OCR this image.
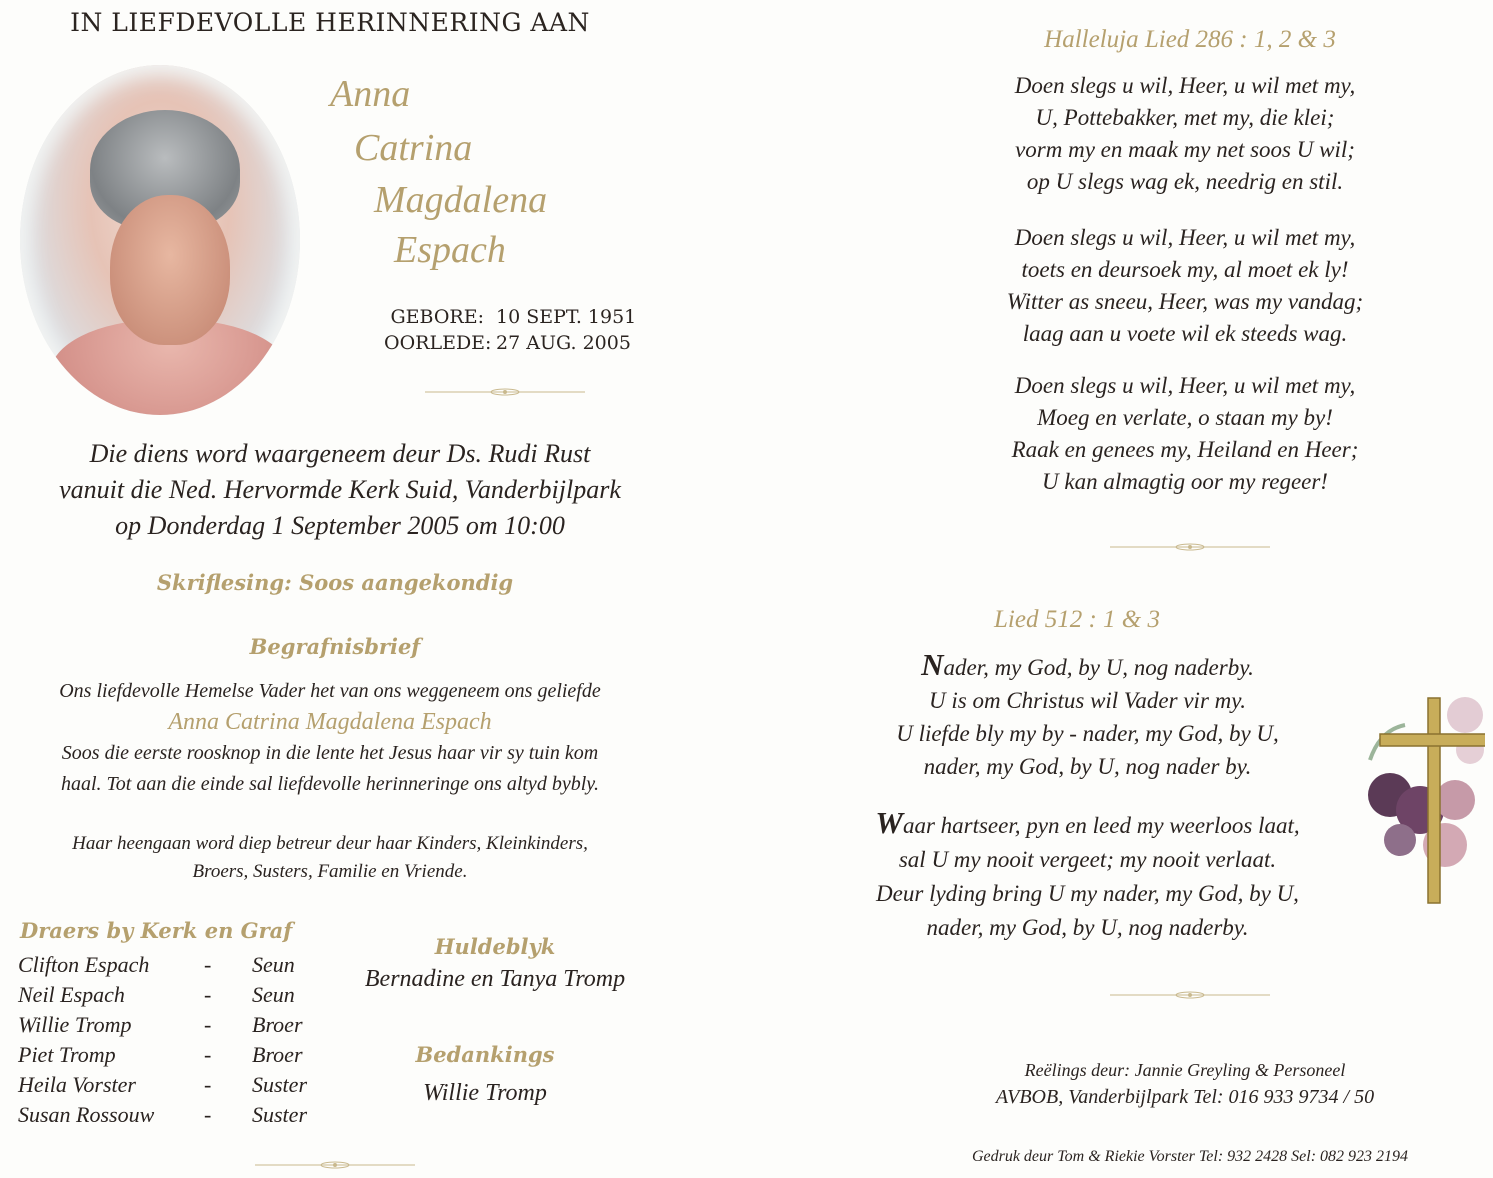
IN LIEFDEVOLLE HERINNERING AAN
Anna
Catrina
Magdalena
Espach
GEBORE: 10 SEPT. 1951
OORLEDE: 27 AUG. 2005
Die diens word waargeneem deur Ds. Rudi Rust
vanuit die Ned. Hervormde Kerk Suid, Vanderbijlpark
op Donderdag 1 September 2005 om 10:00
Skriflesing: Soos aangekondig
Begrafnisbrief
Ons liefdevolle Hemelse Vader het van ons weggeneem ons geliefde
Anna Catrina Magdalena Espach
Soos die eerste roosknop in die lente het Jesus haar vir sy tuin kom
haal. Tot aan die einde sal liefdevolle herinneringe ons altyd bybly.
Haar heengaan word diep betreur deur haar Kinders, Kleinkinders,
Broers, Susters, Familie en Vriende.
Draers by Kerk en Graf
Clifton Espach	- Seun
Neil Espach	- Seun
Willie Tromp	- Broer
Piet Tromp	- Broer
Heila Vorster	- Suster
Susan Rossouw	- Suster
Huldeblyk
Bernadine en Tanya Tromp
Bedankings
Willie Tromp
Halleluja Lied 286 : 1, 2 & 3
Doen slegs u wil, Heer, u wil met my,
U, Pottebakker, met my, die klei;
vorm my en maak my net soos U wil;
op U slegs wag ek, needrig en stil.
Doen slegs u wil, Heer, u wil met my,
toets en deursoek my, al moet ek ly!
Witter as sneeu, Heer, was my vandag;
laag aan u voete wil ek steeds wag.
Doen slegs u wil, Heer, u wil met my,
Moeg en verlate, o staan my by!
Raak en genees my, Heiland en Heer;
U kan almagtig oor my regeer!
Lied 512 : 1 & 3
Nader, my God, by U, nog naderby.
U is om Christus wil Vader vir my.
U liefde bly my by - nader, my God, by U,
nader, my God, by U, nog nader by.
Waar hartseer, pyn en leed my weerloos laat,
sal U my nooit vergeet; my nooit verlaat.
Deur lyding bring U my nader, my God, by U,
nader, my God, by U, nog naderby.
Reëlings deur: Jannie Greyling & Personeel
AVBOB, Vanderbijlpark Tel: 016 933 9734 / 50
Gedruk deur Tom & Riekie Vorster Tel: 932 2428 Sel: 082 923 2194
